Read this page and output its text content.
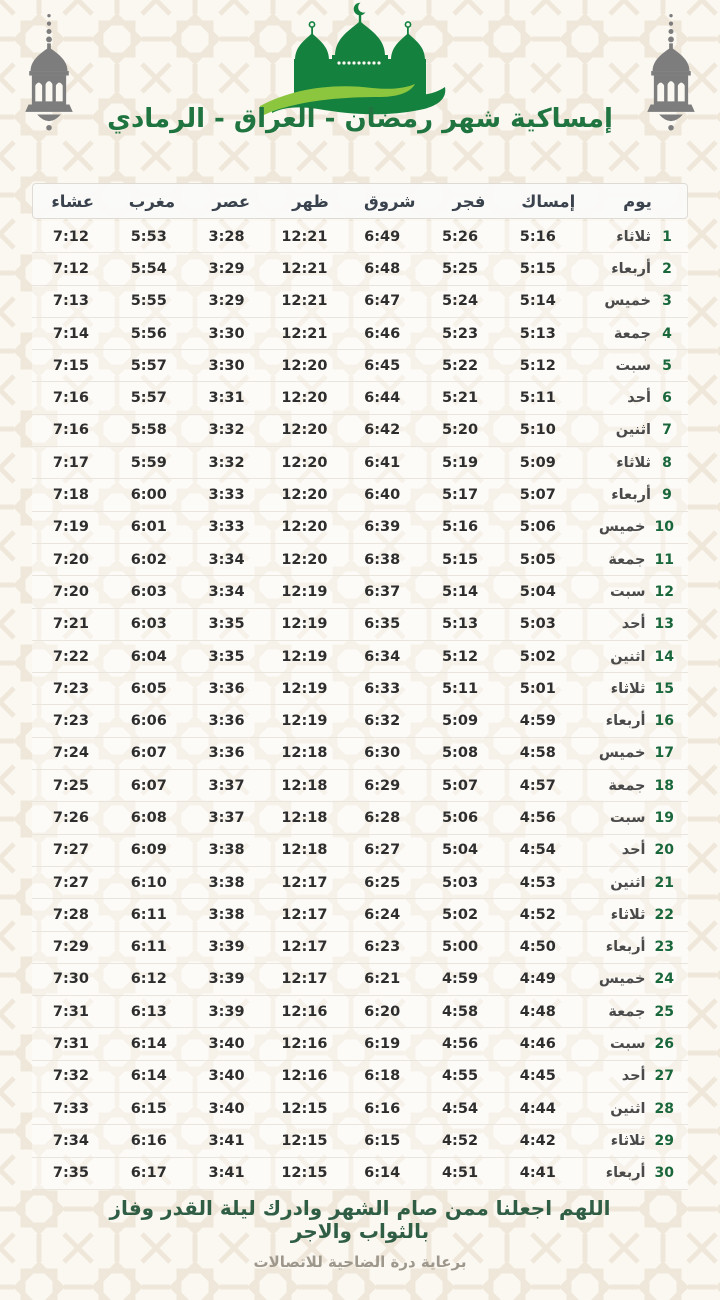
إمساكية شهر رمضان - العراق - الرمادي
يوم
إمساك
فجر
شروق
ظهر
عصر
مغرب
عشاء
1
ثلاثاء
5:16
5:26
6:49
12:21
3:28
5:53
7:12
2
أربعاء
5:15
5:25
6:48
12:21
3:29
5:54
7:12
3
خميس
5:14
5:24
6:47
12:21
3:29
5:55
7:13
4
جمعة
5:13
5:23
6:46
12:21
3:30
5:56
7:14
5
سبت
5:12
5:22
6:45
12:20
3:30
5:57
7:15
6
أحد
5:11
5:21
6:44
12:20
3:31
5:57
7:16
7
اثنين
5:10
5:20
6:42
12:20
3:32
5:58
7:16
8
ثلاثاء
5:09
5:19
6:41
12:20
3:32
5:59
7:17
9
أربعاء
5:07
5:17
6:40
12:20
3:33
6:00
7:18
10
خميس
5:06
5:16
6:39
12:20
3:33
6:01
7:19
11
جمعة
5:05
5:15
6:38
12:20
3:34
6:02
7:20
12
سبت
5:04
5:14
6:37
12:19
3:34
6:03
7:20
13
أحد
5:03
5:13
6:35
12:19
3:35
6:03
7:21
14
اثنين
5:02
5:12
6:34
12:19
3:35
6:04
7:22
15
ثلاثاء
5:01
5:11
6:33
12:19
3:36
6:05
7:23
16
أربعاء
4:59
5:09
6:32
12:19
3:36
6:06
7:23
17
خميس
4:58
5:08
6:30
12:18
3:36
6:07
7:24
18
جمعة
4:57
5:07
6:29
12:18
3:37
6:07
7:25
19
سبت
4:56
5:06
6:28
12:18
3:37
6:08
7:26
20
أحد
4:54
5:04
6:27
12:18
3:38
6:09
7:27
21
اثنين
4:53
5:03
6:25
12:17
3:38
6:10
7:27
22
ثلاثاء
4:52
5:02
6:24
12:17
3:38
6:11
7:28
23
أربعاء
4:50
5:00
6:23
12:17
3:39
6:11
7:29
24
خميس
4:49
4:59
6:21
12:17
3:39
6:12
7:30
25
جمعة
4:48
4:58
6:20
12:16
3:39
6:13
7:31
26
سبت
4:46
4:56
6:19
12:16
3:40
6:14
7:31
27
أحد
4:45
4:55
6:18
12:16
3:40
6:14
7:32
28
اثنين
4:44
4:54
6:16
12:15
3:40
6:15
7:33
29
ثلاثاء
4:42
4:52
6:15
12:15
3:41
6:16
7:34
30
أربعاء
4:41
4:51
6:14
12:15
3:41
6:17
7:35
اللهم اجعلنا ممن صام الشهر وادرك ليلة القدر وفاز
بالثواب والاجر
برعاية درة الضاحية للاتصالات
